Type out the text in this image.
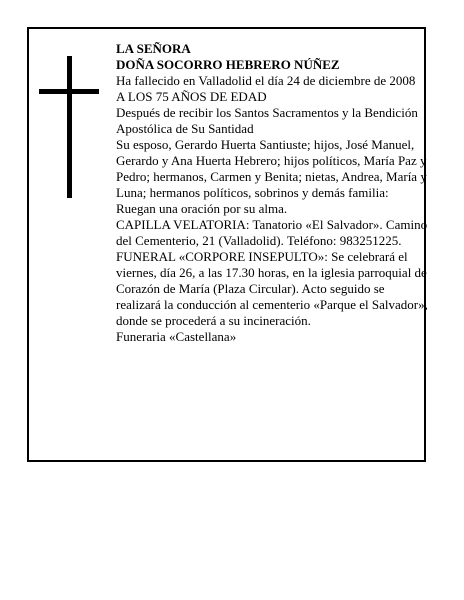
LA SEÑORA

DOÑA SOCORRO HEBRERO NÚÑEZ

Ha fallecido en Valladolid el día 24 de diciembre de 2008

A LOS 75 AÑOS DE EDAD

Después de recibir los Santos Sacramentos y la Bendición Apostólica de Su Santidad

Su esposo, Gerardo Huerta Santiuste; hijos, José Manuel, Gerardo y Ana Huerta Hebrero; hijos políticos, María Paz y Pedro; hermanos, Carmen y Benita; nietas, Andrea, María y Luna; hermanos políticos, sobrinos y demás familia:

Ruegan una oración por su alma.

CAPILLA VELATORIA: Tanatorio «El Salvador». Camino del Cementerio, 21 (Valladolid). Teléfono: 983251225.

FUNERAL «CORPORE INSEPULTO»: Se celebrará el viernes, día 26, a las 17.30 horas, en la iglesia parroquial de Corazón de María (Plaza Circular). Acto seguido se realizará la conducción al cementerio «Parque el Salvador», donde se procederá a su incineración.

Funeraria «Castellana»
